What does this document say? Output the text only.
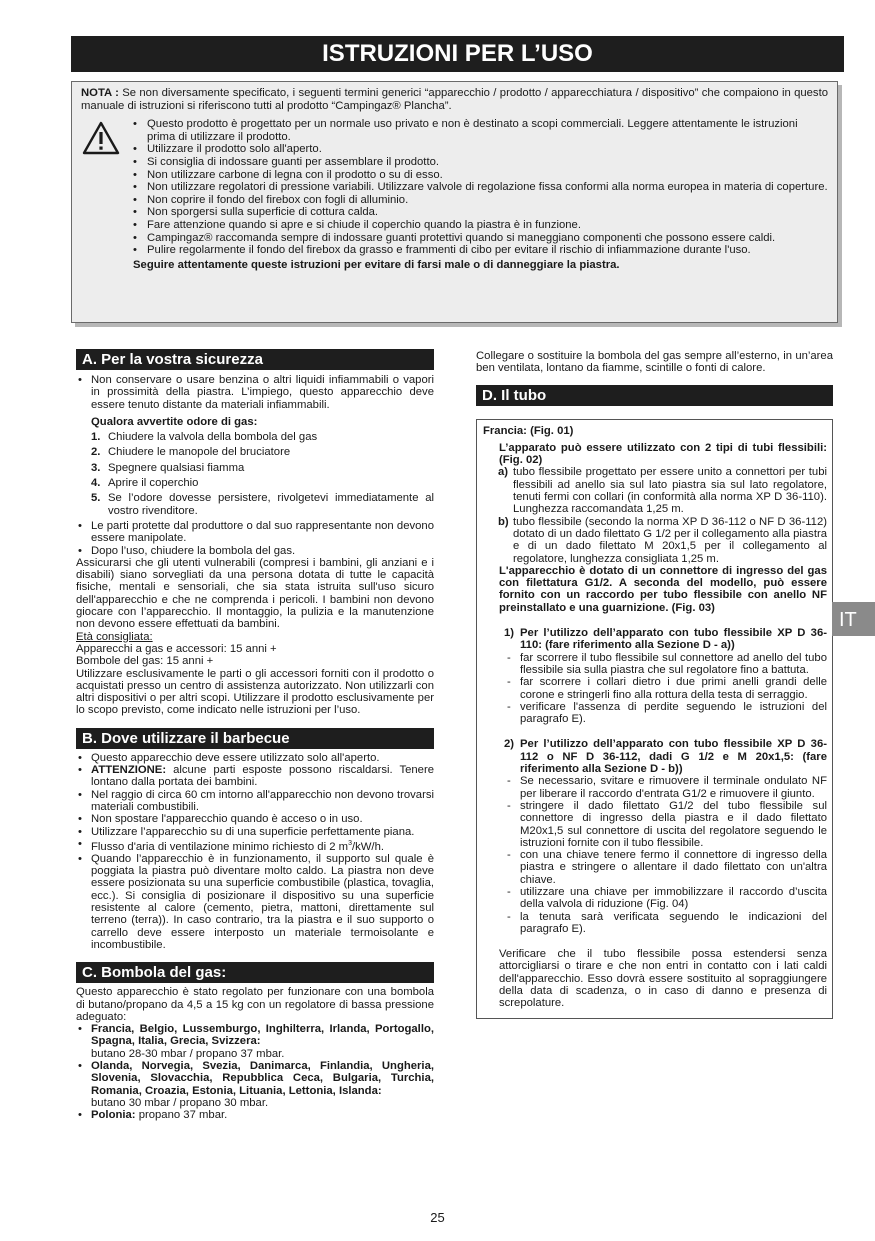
ISTRUZIONI PER L’USO
NOTA : Se non diversamente specificato, i seguenti termini generici “apparecchio / prodotto / apparecchiatura / dispositivo” che compaiono in questo manuale di istruzioni si riferiscono tutti al prodotto “Campingaz® Plancha”.
• Questo prodotto è progettato per un normale uso privato e non è destinato a scopi commerciali. Leggere attentamente le istruzioni prima di utilizzare il prodotto.
• Utilizzare il prodotto solo all'aperto.
• Si consiglia di indossare guanti per assemblare il prodotto.
• Non utilizzare carbone di legna con il prodotto o su di esso.
• Non utilizzare regolatori di pressione variabili. Utilizzare valvole di regolazione fissa conformi alla norma europea in materia di coperture.
• Non coprire il fondo del firebox con fogli di alluminio.
• Non sporgersi sulla superficie di cottura calda.
• Fare attenzione quando si apre e si chiude il coperchio quando la piastra è in funzione.
• Campingaz® raccomanda sempre di indossare guanti protettivi quando si maneggiano componenti che possono essere caldi.
• Pulire regolarmente il fondo del firebox da grasso e frammenti di cibo per evitare il rischio di infiammazione durante l'uso.
Seguire attentamente queste istruzioni per evitare di farsi male o di danneggiare la piastra.
A. Per la vostra sicurezza
• Non conservare o usare benzina o altri liquidi infiammabili o vapori in prossimità della piastra. L’impiego, questo apparecchio deve essere tenuto distante da materiali infiammabili.
Qualora avvertite odore di gas:
1. Chiudere la valvola della bombola del gas
2. Chiudere le manopole del bruciatore
3. Spegnere qualsiasi fiamma
4. Aprire il coperchio
5. Se l’odore dovesse persistere, rivolgetevi immediatamente al vostro rivenditore.
• Le parti protette dal produttore o dal suo rappresentante non devono essere manipolate.
• Dopo l’uso, chiudere la bombola del gas.
Assicurarsi che gli utenti vulnerabili (compresi i bambini, gli anziani e i disabili) siano sorvegliati da una persona dotata di tutte le capacità fisiche, mentali e sensoriali, che sia stata istruita sull'uso sicuro dell'apparecchio e che ne comprenda i pericoli. I bambini non devono giocare con l’apparecchio. Il montaggio, la pulizia e la manutenzione non devono essere effettuati da bambini.
Età consigliata:
Apparecchi a gas e accessori: 15 anni +
Bombole del gas: 15 anni +
Utilizzare esclusivamente le parti o gli accessori forniti con il prodotto o acquistati presso un centro di assistenza autorizzato. Non utilizzarli con altri dispositivi o per altri scopi. Utilizzare il prodotto esclusivamente per lo scopo previsto, come indicato nelle istruzioni per l’uso.
B. Dove utilizzare il barbecue
• Questo apparecchio deve essere utilizzato solo all'aperto.
• ATTENZIONE: alcune parti esposte possono riscaldarsi. Tenere lontano dalla portata dei bambini.
• Nel raggio di circa 60 cm intorno all'apparecchio non devono trovarsi materiali combustibili.
• Non spostare l'apparecchio quando è acceso o in uso.
• Utilizzare l’apparecchio su di una superficie perfettamente piana.
• Flusso d'aria di ventilazione minimo richiesto di 2 $m^3/kW/h$.
• Quando l’apparecchio è in funzionamento, il supporto sul quale è poggiata la piastra può diventare molto caldo. La piastra non deve essere posizionata su una superficie combustibile (plastica, tovaglia, ecc.). Si consiglia di posizionare il dispositivo su una superficie resistente al calore (cemento, pietra, mattoni, direttamente sul terreno (terra)). In caso contrario, tra la piastra e il suo supporto o carrello deve essere interposto un materiale termoisolante e incombustibile.
C. Bombola del gas:
Questo apparecchio è stato regolato per funzionare con una bombola di butano/propano da 4,5 a 15 kg con un regolatore di bassa pressione adeguato:
• Francia, Belgio, Lussemburgo, Inghilterra, Irlanda, Portogallo, Spagna, Italia, Grecia, Svizzera:
butano 28-30 mbar / propano 37 mbar.
• Olanda, Norvegia, Svezia, Danimarca, Finlandia, Ungheria, Slovenia, Slovacchia, Repubblica Ceca, Bulgaria, Turchia, Romania, Croazia, Estonia, Lituania, Lettonia, Islanda:
butano 30 mbar / propano 30 mbar.
• Polonia: propano 37 mbar.
Collegare o sostituire la bombola del gas sempre all’esterno, in un’area ben ventilata, lontano da fiamme, scintille o fonti di calore.
D. Il tubo
Francia: (Fig. 01)
L’apparato può essere utilizzato con 2 tipi di tubi flessibili: (Fig. 02)
a) tubo flessibile progettato per essere unito a connettori per tubi flessibili ad anello sia sul lato piastra sia sul lato regolatore, tenuti fermi con collari (in conformità alla norma XP D 36-110). Lunghezza raccomandata 1,25 m.
b) tubo flessibile (secondo la norma XP D 36-112 o NF D 36-112) dotato di un dado filettato G 1/2 per il collegamento alla piastra e di un dado filettato M 20x1,5 per il collegamento al regolatore, lunghezza consigliata 1,25 m.
L'apparecchio è dotato di un connettore di ingresso del gas con filettatura G1/2. A seconda del modello, può essere fornito con un raccordo per tubo flessibile con anello NF preinstallato e una guarnizione. (Fig. 03)
1) Per l’utilizzo dell’apparato con tubo flessibile XP D 36-110: (fare riferimento alla Sezione D - a))
- far scorrere il tubo flessibile sul connettore ad anello del tubo flessibile sia sulla piastra che sul regolatore fino a battuta.
- far scorrere i collari dietro i due primi anelli grandi delle corone e stringerli fino alla rottura della testa di serraggio.
- verificare l'assenza di perdite seguendo le istruzioni del paragrafo E).
2) Per l’utilizzo dell’apparato con tubo flessibile XP D 36-112 o NF D 36-112, dadi G 1/2 e M 20x1,5: (fare riferimento alla Sezione D - b))
- Se necessario, svitare e rimuovere il terminale ondulato NF per liberare il raccordo d'entrata G1/2 e rimuovere il giunto.
- stringere il dado filettato G1/2 del tubo flessibile sul connettore di ingresso della piastra e il dado filettato M20x1,5 sul connettore di uscita del regolatore seguendo le istruzioni fornite con il tubo flessibile.
- con una chiave tenere fermo il connettore di ingresso della piastra e stringere o allentare il dado filettato con un'altra chiave.
- utilizzare una chiave per immobilizzare il raccordo d’uscita della valvola di riduzione (Fig. 04)
- la tenuta sarà verificata seguendo le indicazioni del paragrafo E).
Verificare che il tubo flessibile possa estendersi senza attorcigliarsi o tirare e che non entri in contatto con i lati caldi dell'apparecchio. Esso dovrà essere sostituito al sopraggiungere della data di scadenza, o in caso di danno e presenza di screpolature.
IT
25
